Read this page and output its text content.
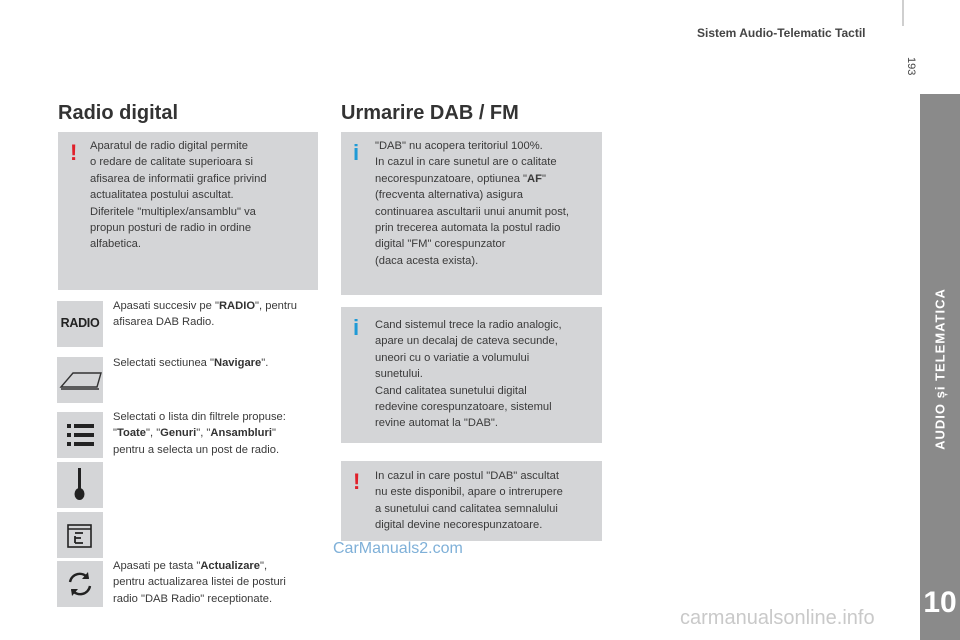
Sistem Audio-Telematic Tactil
193
AUDIO și TELEMATICA
10
Radio digital
! Aparatul de radio digital permite

o redare de calitate superioara si

afisarea de informatii grafice privind

actualitatea postului ascultat.

Diferitele "multiplex/ansamblu" va

propun posturi de radio in ordine

alfabetica.

RADIO
Apasati succesiv pe "RADIO", pentru
afisarea DAB Radio.
Selectati sectiunea "Navigare".
Selectati o lista din filtrele propuse:
"Toate", "Genuri", "Ansambluri"
pentru a selecta un post de radio.
Apasati pe tasta "Actualizare",
pentru actualizarea listei de posturi
radio "DAB Radio" receptionate.
Urmarire DAB / FM
i "DAB" nu acopera teritoriul 100%.

In cazul in care sunetul are o calitate

necorespunzatoare, optiunea "AF"

(frecventa alternativa) asigura

continuarea ascultarii unui anumit post,

prin trecerea automata la postul radio

digital "FM" corespunzator

(daca acesta exista).

i Cand sistemul trece la radio analogic,

apare un decalaj de cateva secunde,

uneori cu o variatie a volumului

sunetului.

Cand calitatea sunetului digital

redevine corespunzatoare, sistemul

revine automat la "DAB".

! In cazul in care postul "DAB" ascultat

nu este disponibil, apare o intrerupere

a sunetului cand calitatea semnalului

digital devine necorespunzatoare.

CarManuals2.com
carmanualsonline.info
